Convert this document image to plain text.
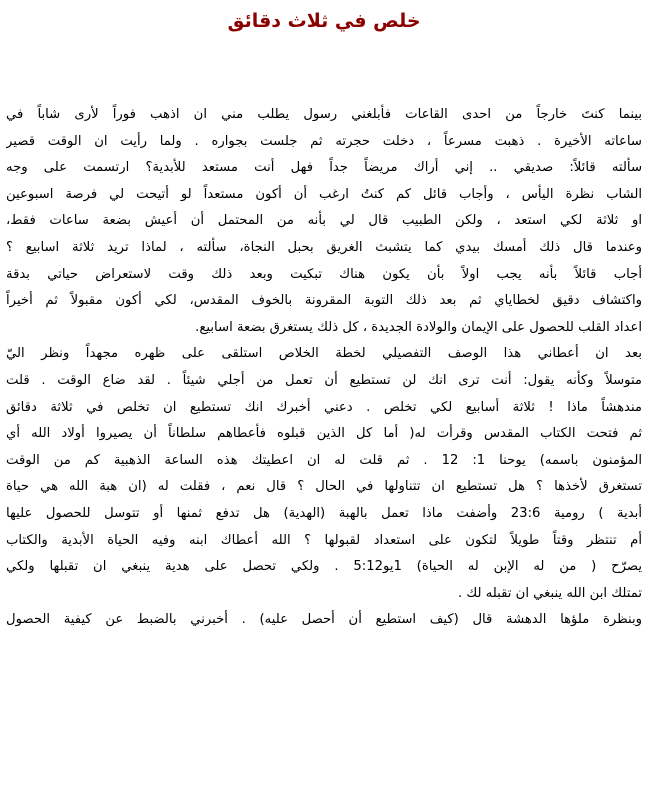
خلص في ثلاث دقائق
بينما كنتَ خارجاً من احدى القاعات فأبلغني رسول يطلب مني ان اذهب فوراً لأرى شاباً في
ساعاته الأخيرة . ذهبت مسرعاً ، دخلت حجرته ثم جلست بجواره . ولما رأيت ان الوقت قصير
سألته قائلاً: صديقي .. إني أراك مريضاً جداً فهل أنت مستعد للأبدية؟ ارتسمت على وجه
الشاب نظرة اليأس ، وأجاب قائل كم كنتُ ارغب أن أكون مستعداً لو أتيحت لي فرصة اسبوعين
او ثلاثة لكي استعد ، ولكن الطبيب قال لي بأنه من المحتمل أن أعيش بضعة ساعات فقط،
وعندما قال ذلك أمسك بيدي كما يتشبث الغريق بحبل النجاة، سألته ، لماذا تريد ثلاثة اسابيع ؟
أجاب قائلاً بأنه يجب اولاً بأن يكون هناك تبكيت وبعد ذلك وقت لاستعراض حياتي بدقة
واكتشاف دقيق لخطاياي ثم بعد ذلك التوبة المقرونة بالخوف المقدس، لكي أكون مقبولاً ثم أخيراً
اعداد القلب للحصول على الإيمان والولادة الجديدة ، كل ذلك يستغرق بضعة اسابيع.
بعد ان أعطاني هذا الوصف التفصيلي لخطة الخلاص استلقى على ظهره مجهداً ونظر اليّ
متوسلاً وكأنه يقول: أنت ترى انك لن تستطيع أن تعمل من أجلي شيئاً . لقد ضاع الوقت . قلت
مندهشاً ماذا ! ثلاثة أسابيع لكي تخلص . دعني أخبرك انك تستطيع ان تخلص في ثلاثة دقائق
ثم فتحت الكتاب المقدس وقرأت له( أما كل الذين قبلوه فأعطاهم سلطاناً أن يصيروا أولاد الله أي
المؤمنون باسمه) يوحنا 1: 12 . ثم قلت له ان اعطيتك هذه الساعة الذهبية كم من الوقت
تستغرق لأخذها ؟ هل تستطيع ان تتناولها في الحال ؟ قال نعم ، فقلت له (ان هبة الله هي حياة
أبدية ) رومية 23:6 وأضفت ماذا تعمل بالهبة (الهدية) هل تدفع ثمنها أو تتوسل للحصول عليها
أم تنتظر وقتاً طويلاً لتكون على استعداد لقبولها ؟ الله أعطاك ابنه وفيه الحياة الأبدية والكتاب
يصرّح ( من له الإبن له الحياة) 1يو5:12 . ولكي تحصل على هدية ينبغي ان تقبلها ولكي
تمتلك ابن الله ينبغي ان تقبله لك .
وبنظرة ملؤها الدهشة قال (كيف استطيع أن أحصل عليه) . أخبرني بالضبط عن كيفية الحصول
